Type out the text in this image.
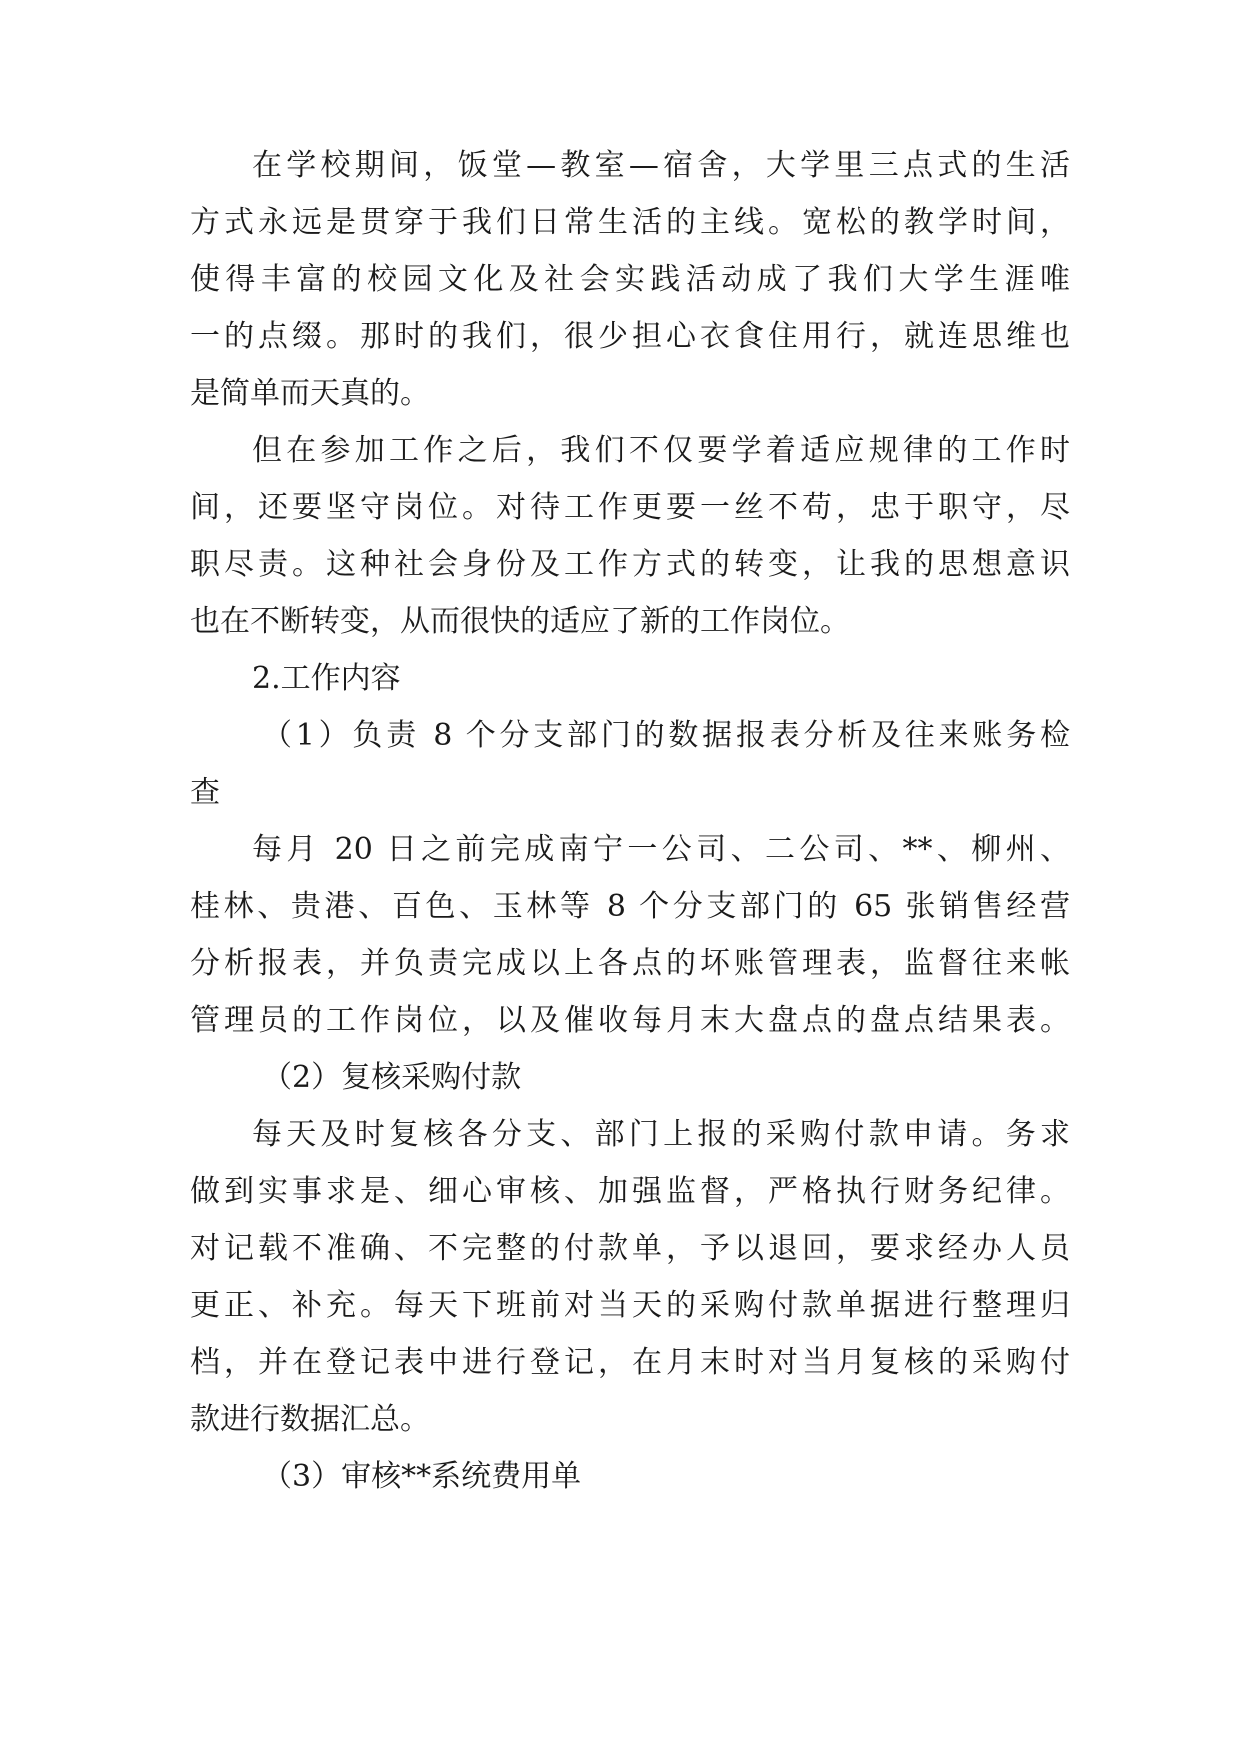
在学校期间，饭堂—教室—宿舍，大学里三点式的生活
方式永远是贯穿于我们日常生活的主线。宽松的教学时间，
使得丰富的校园文化及社会实践活动成了我们大学生涯唯
一的点缀。那时的我们，很少担心衣食住用行，就连思维也
是简单而天真的。
但在参加工作之后，我们不仅要学着适应规律的工作时
间，还要坚守岗位。对待工作更要一丝不苟，忠于职守，尽
职尽责。这种社会身份及工作方式的转变，让我的思想意识
也在不断转变，从而很快的适应了新的工作岗位。
2.工作内容
（1）负责 8 个分支部门的数据报表分析及往来账务检
查
每月 20 日之前完成南宁一公司、二公司、**、柳州、
桂林、贵港、百色、玉林等 8 个分支部门的 65 张销售经营
分析报表，并负责完成以上各点的坏账管理表，监督往来帐
管理员的工作岗位，以及催收每月末大盘点的盘点结果表。
（2）复核采购付款
每天及时复核各分支、部门上报的采购付款申请。务求
做到实事求是、细心审核、加强监督，严格执行财务纪律。
对记载不准确、不完整的付款单，予以退回，要求经办人员
更正、补充。每天下班前对当天的采购付款单据进行整理归
档，并在登记表中进行登记，在月末时对当月复核的采购付
款进行数据汇总。
（3）审核**系统费用单
